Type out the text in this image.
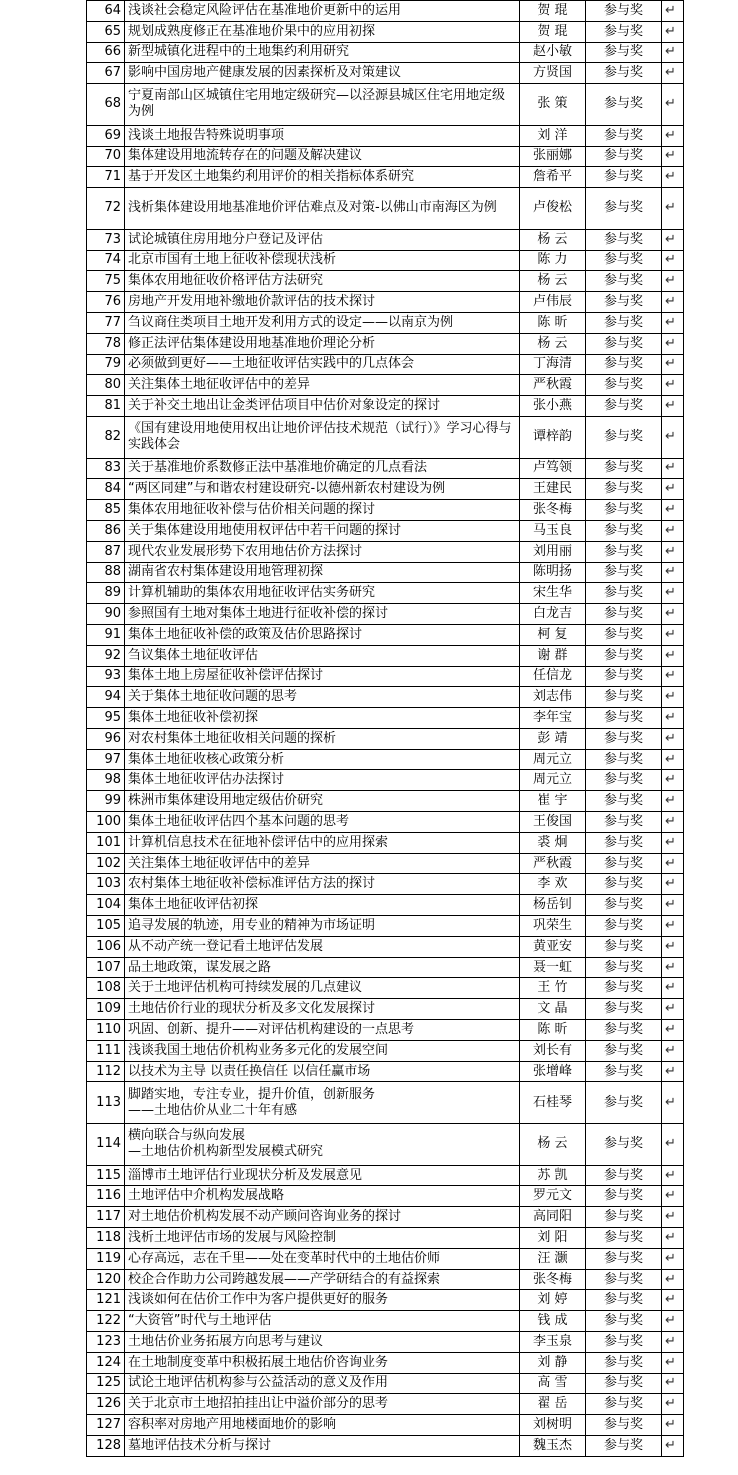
64	浅谈社会稳定风险评估在基准地价更新中的运用	贺 琨	参与奖	↵
65	规划成熟度修正在基准地价果中的应用初探	贺 琨	参与奖	↵
66	新型城镇化进程中的土地集约利用研究	赵小敏	参与奖	↵
67	影响中国房地产健康发展的因素探析及对策建议	方贤国	参与奖	↵
68	宁夏南部山区城镇住宅用地定级研究—以泾源县城区住宅用地定级为例	张 策	参与奖	↵
69	浅谈土地报告特殊说明事项	刘 洋	参与奖	↵
70	集体建设用地流转存在的问题及解决建议	张丽娜	参与奖	↵
71	基于开发区土地集约利用评价的相关指标体系研究	詹希平	参与奖	↵
72	浅析集体建设用地基准地价评估难点及对策-以佛山市南海区为例	卢俊松	参与奖	↵
73	试论城镇住房用地分户登记及评估	杨 云	参与奖	↵
74	北京市国有土地上征收补偿现状浅析	陈 力	参与奖	↵
75	集体农用地征收价格评估方法研究	杨 云	参与奖	↵
76	房地产开发用地补缴地价款评估的技术探讨	卢伟辰	参与奖	↵
77	刍议商住类项目土地开发利用方式的设定——以南京为例	陈 昕	参与奖	↵
78	修正法评估集体建设用地基准地价理论分析	杨 云	参与奖	↵
79	必须做到更好——土地征收评估实践中的几点体会	丁海清	参与奖	↵
80	关注集体土地征收评估中的差异	严秋霞	参与奖	↵
81	关于补交土地出让金类评估项目中估价对象设定的探讨	张小燕	参与奖	↵
82	《国有建设用地使用权出让地价评估技术规范（试行）》学习心得与实践体会	谭梓韵	参与奖	↵
83	关于基准地价系数修正法中基准地价确定的几点看法	卢笃领	参与奖	↵
84	“两区同建”与和谐农村建设研究-以德州新农村建设为例	王建民	参与奖	↵
85	集体农用地征收补偿与估价相关问题的探讨	张冬梅	参与奖	↵
86	关于集体建设用地使用权评估中若干问题的探讨	马玉良	参与奖	↵
87	现代农业发展形势下农用地估价方法探讨	刘用丽	参与奖	↵
88	湖南省农村集体建设用地管理初探	陈明扬	参与奖	↵
89	计算机辅助的集体农用地征收评估实务研究	宋生华	参与奖	↵
90	参照国有土地对集体土地进行征收补偿的探讨	白龙吉	参与奖	↵
91	集体土地征收补偿的政策及估价思路探讨	柯 复	参与奖	↵
92	刍议集体土地征收评估	谢 群	参与奖	↵
93	集体土地上房屋征收补偿评估探讨	任信龙	参与奖	↵
94	关于集体土地征收问题的思考	刘志伟	参与奖	↵
95	集体土地征收补偿初探	李年宝	参与奖	↵
96	对农村集体土地征收相关问题的探析	彭 靖	参与奖	↵
97	集体土地征收核心政策分析	周元立	参与奖	↵
98	集体土地征收评估办法探讨	周元立	参与奖	↵
99	株洲市集体建设用地定级估价研究	崔 宇	参与奖	↵
100	集体土地征收评估四个基本问题的思考	王俊国	参与奖	↵
101	计算机信息技术在征地补偿评估中的应用探索	裘 炯	参与奖	↵
102	关注集体土地征收评估中的差异	严秋霞	参与奖	↵
103	农村集体土地征收补偿标准评估方法的探讨	李 欢	参与奖	↵
104	集体土地征收评估初探	杨岳钊	参与奖	↵
105	追寻发展的轨迹，用专业的精神为市场证明	巩荣生	参与奖	↵
106	从不动产统一登记看土地评估发展	黄亚安	参与奖	↵
107	品土地政策，谋发展之路	聂一虹	参与奖	↵
108	关于土地评估机构可持续发展的几点建议	王 竹	参与奖	↵
109	土地估价行业的现状分析及多文化发展探讨	文 晶	参与奖	↵
110	巩固、创新、提升——对评估机构建设的一点思考	陈 昕	参与奖	↵
111	浅谈我国土地估价机构业务多元化的发展空间	刘长有	参与奖	↵
112	以技术为主导 以责任换信任 以信任赢市场	张增峰	参与奖	↵
113	脚踏实地，专注专业，提升价值，创新服务
——土地估价从业二十年有感	石桂琴	参与奖	↵
114	横向联合与纵向发展
—土地估价机构新型发展模式研究	杨 云	参与奖	↵
115	淄博市土地评估行业现状分析及发展意见	苏 凯	参与奖	↵
116	土地评估中介机构发展战略	罗元文	参与奖	↵
117	对土地估价机构发展不动产顾问咨询业务的探讨	高同阳	参与奖	↵
118	浅析土地评估市场的发展与风险控制	刘 阳	参与奖	↵
119	心存高远，志在千里——处在变革时代中的土地估价师	汪 灏	参与奖	↵
120	校企合作助力公司跨越发展——产学研结合的有益探索	张冬梅	参与奖	↵
121	浅谈如何在估价工作中为客户提供更好的服务	刘 婷	参与奖	↵
122	“大资管”时代与土地评估	钱 成	参与奖	↵
123	土地估价业务拓展方向思考与建议	李玉泉	参与奖	↵
124	在土地制度变革中积极拓展土地估价咨询业务	刘 静	参与奖	↵
125	试论土地评估机构参与公益活动的意义及作用	高 雪	参与奖	↵
126	关于北京市土地招拍挂出让中溢价部分的思考	翟 岳	参与奖	↵
127	容积率对房地产用地楼面地价的影响	刘树明	参与奖	↵
128	墓地评估技术分析与探讨	魏玉杰	参与奖	↵
